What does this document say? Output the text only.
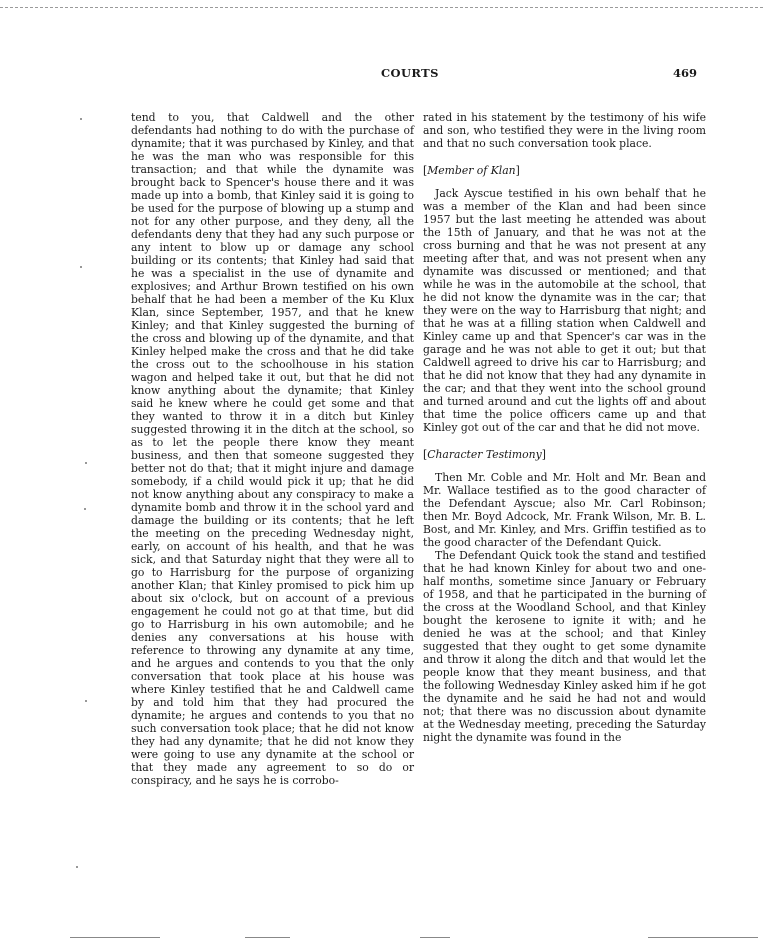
COURTS	469

tend to you, that Caldwell and the other defendants had nothing to do with the purchase of dynamite; that it was purchased by Kinley, and that he was the man who was responsible for this transaction; and that while the dynamite was brought back to Spencer's house there and it was made up into a bomb, that Kinley said it is going to be used for the purpose of blowing up a stump and not for any other purpose, and they deny, all the defendants deny that they had any such purpose or any intent to blow up or damage any school building or its contents; that Kinley had said that he was a specialist in the use of dynamite and explosives; and Arthur Brown testified on his own behalf that he had been a member of the Ku Klux Klan, since September, 1957, and that he knew Kinley; and that Kinley suggested the burning of the cross and blowing up of the dynamite, and that Kinley helped make the cross and that he did take the cross out to the schoolhouse in his station wagon and helped take it out, but that he did not know anything about the dynamite; that Kinley said he knew where he could get some and that they wanted to throw it in a ditch but Kinley suggested throwing it in the ditch at the school, so as to let the people there know they meant business, and then that someone suggested they better not do that; that it might injure and damage somebody, if a child would pick it up; that he did not know anything about any conspiracy to make a dynamite bomb and throw it in the school yard and damage the building or its contents; that he left the meeting on the preceding Wednesday night, early, on account of his health, and that he was sick, and that Saturday night that they were all to go to Harrisburg for the purpose of organizing another Klan; that Kinley promised to pick him up about six o'clock, but on account of a previous engagement he could not go at that time, but did go to Harrisburg in his own automobile; and he denies any conversations at his house with reference to throwing any dynamite at any time, and he argues and contends to you that the only conversation that took place at his house was where Kinley testified that he and Caldwell came by and told him that they had procured the dynamite; he argues and contends to you that no such conversation took place; that he did not know they had any dynamite; that he did not know they were going to use any dynamite at the school or that they made any agreement to so do or conspiracy, and he says he is corrobo-

rated in his statement by the testimony of his wife and son, who testified they were in the living room and that no such conversation took place.

[Member of Klan]

Jack Ayscue testified in his own behalf that he was a member of the Klan and had been since 1957 but the last meeting he attended was about the 15th of January, and that he was not at the cross burning and that he was not present at any meeting after that, and was not present when any dynamite was discussed or mentioned; and that while he was in the automobile at the school, that he did not know the dynamite was in the car; that they were on the way to Harrisburg that night; and that he was at a filling station when Caldwell and Kinley came up and that Spencer's car was in the garage and he was not able to get it out; but that Caldwell agreed to drive his car to Harrisburg; and that he did not know that they had any dynamite in the car; and that they went into the school ground and turned around and cut the lights off and about that time the police officers came up and that Kinley got out of the car and that he did not move.

[Character Testimony]

Then Mr. Coble and Mr. Holt and Mr. Bean and Mr. Wallace testified as to the good character of the Defendant Ayscue; also Mr. Carl Robinson; then Mr. Boyd Adcock, Mr. Frank Wilson, Mr. B. L. Bost, and Mr. Kinley, and Mrs. Griffin testified as to the good character of the Defendant Quick.

The Defendant Quick took the stand and testified that he had known Kinley for about two and one-half months, sometime since January or February of 1958, and that he participated in the burning of the cross at the Woodland School, and that Kinley bought the kerosene to ignite it with; and he denied he was at the school; and that Kinley suggested that they ought to get some dynamite and throw it along the ditch and that would let the people know that they meant business, and that the following Wednesday Kinley asked him if he got the dynamite and he said he had not and would not; that there was no discussion about dynamite at the Wednesday meeting, preceding the Saturday night the dynamite was found in the
